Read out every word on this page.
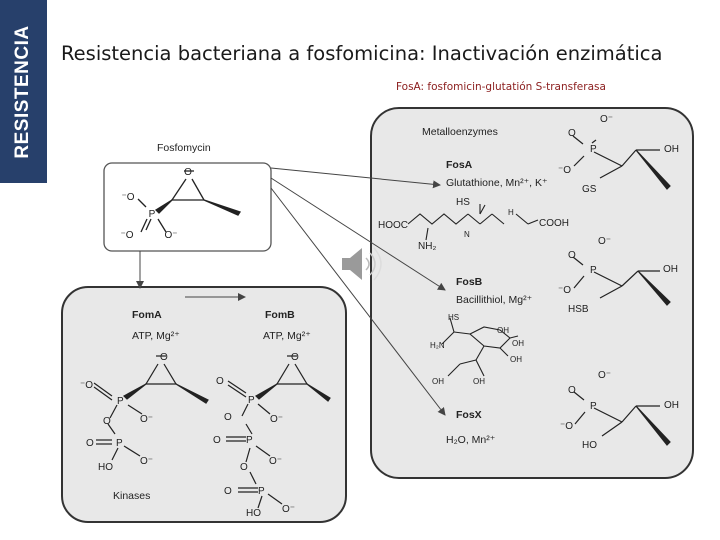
RESISTENCIA Resistencia bacteriana a fosfomicina: Inactivación enzimática
FosA: fosfomicin-glutatión S-transferasa
Fosfomycin
O
⁻O
P
⁻O	O⁻
Metalloenzymes
FosA
Glutathione, Mn²⁺, K⁺
HS
HOOC
NH₂
N
H
COOH
O⁻
O
P
⁻O
OH
GS
FosB
Bacillithiol, Mg²⁺
HS
H₂N
OH
OH
OH
OH	OH
O⁻
O
P
⁻O
OH
HSB
FosX
H₂O, Mn²⁺
O⁻
O
P
⁻O
OH
HO
FomA
ATP, Mg²⁺
O
⁻O
P
O⁻
O
O P
O⁻
HO
FomB
ATP, Mg²⁺
O
O
P
O⁻
O
O	P
O⁻
O
O	P
O⁻
HO
Kinases
